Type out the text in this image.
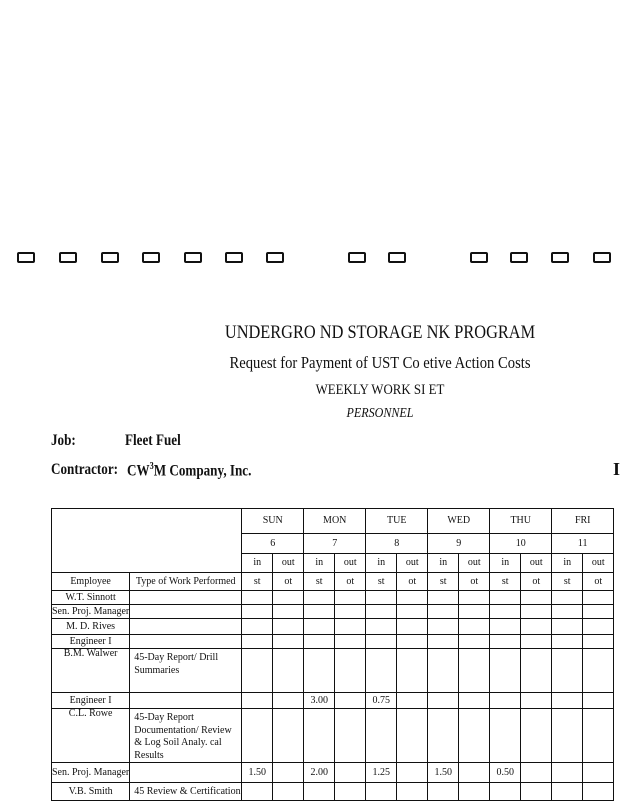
UNDERGRO ND STORAGE NK PROGRAM
Request for Payment of UST Co etive Action Costs
WEEKLY WORK SI ET
PERSONNEL
Job:	Fleet Fuel
Contractor: $CW^3M$ Company, Inc.	I
		SUN		MON		TUE		WED		THU		FRI	
		6		7		8		9		10		11	
		in	out	in	out	in	out	in	out	in	out	in	out
Employee	Type of Work Performed	st	ot	st	ot	st	ot	st	ot	st	ot	st	ot
W.T. Sinnott													
Sen. Proj. Manager													
M. D. Rives													
Engineer I													
B.M. Walwer	45-Day Report/ Drill Summaries												
Engineer I				3.00		0.75							
C.L. Rowe	45-Day Report Documentation/ Review & Log Soil Analy. cal Results												
Sen. Proj. Manager		1.50		2.00		1.25		1.50		0.50			
V.B. Smith	45 Review & Certification												
